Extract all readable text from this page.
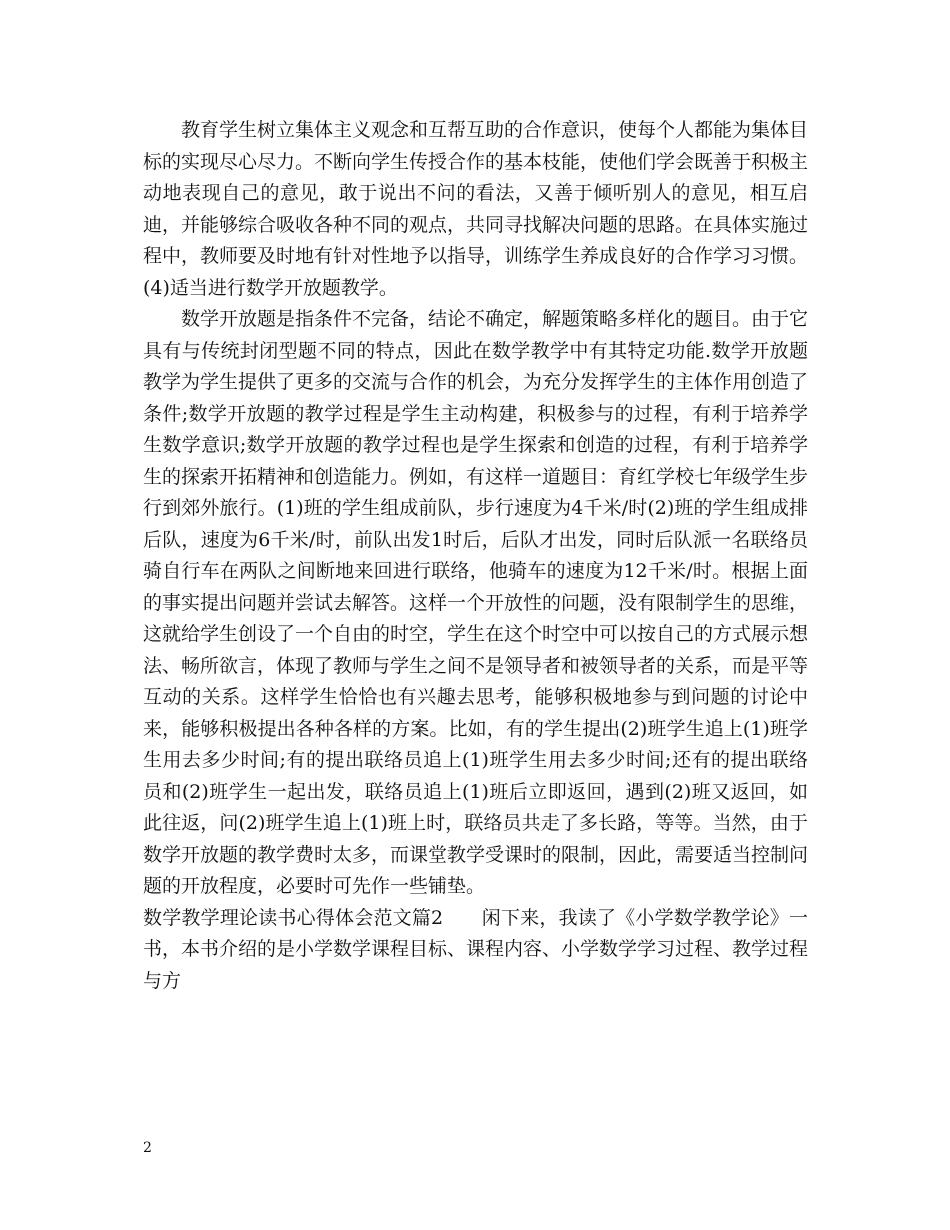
教育学生树立集体主义观念和互帮互助的合作意识，使每个人都能为集体目标的实现尽心尽力。不断向学生传授合作的基本枝能，使他们学会既善于积极主动地表现自己的意见，敢于说出不问的看法，又善于倾听别人的意见，相互启迪，并能够综合吸收各种不同的观点，共同寻找解决问题的思路。在具体实施过程中，教师要及时地有针对性地予以指导，训练学生养成良好的合作学习习惯。 (4)适当进行数学开放题教学。

数学开放题是指条件不完备，结论不确定，解题策略多样化的题目。由于它具有与传统封闭型题不同的特点，因此在数学教学中有其特定功能.数学开放题教学为学生提供了更多的交流与合作的机会，为充分发挥学生的主体作用创造了条件;数学开放题的教学过程是学生主动构建，积极参与的过程，有利于培养学生数学意识;数学开放题的教学过程也是学生探索和创造的过程，有利于培养学生的探索开拓精神和创造能力。例如，有这样一道题目：育红学校七年级学生步行到郊外旅行。(1)班的学生组成前队，步行速度为4千米/时(2)班的学生组成排后队，速度为6千米/时，前队出发1时后，后队才出发，同时后队派一名联络员骑自行车在两队之间断地来回进行联络，他骑车的速度为12千米/时。根据上面的事实提出问题并尝试去解答。这样一个开放性的问题，没有限制学生的思维，这就给学生创设了一个自由的时空，学生在这个时空中可以按自己的方式展示想法、畅所欲言，体现了教师与学生之间不是领导者和被领导者的关系，而是平等互动的关系。这样学生恰恰也有兴趣去思考，能够积极地参与到问题的讨论中来，能够积极提出各种各样的方案。比如，有的学生提出(2)班学生追上(1)班学生用去多少时间;有的提出联络员追上(1)班学生用去多少时间;还有的提出联络员和(2)班学生一起出发，联络员追上(1)班后立即返回，遇到(2)班又返回，如此往返，问(2)班学生追上(1)班上时，联络员共走了多长路，等等。当然，由于数学开放题的教学费时太多，而课堂教学受课时的限制，因此，需要适当控制问题的开放程度，必要时可先作一些铺垫。

数学教学理论读书心得体会范文篇2　　闲下来，我读了《小学数学教学论》一书，本书介绍的是小学数学课程目标、课程内容、小学数学学习过程、教学过程与方

2
